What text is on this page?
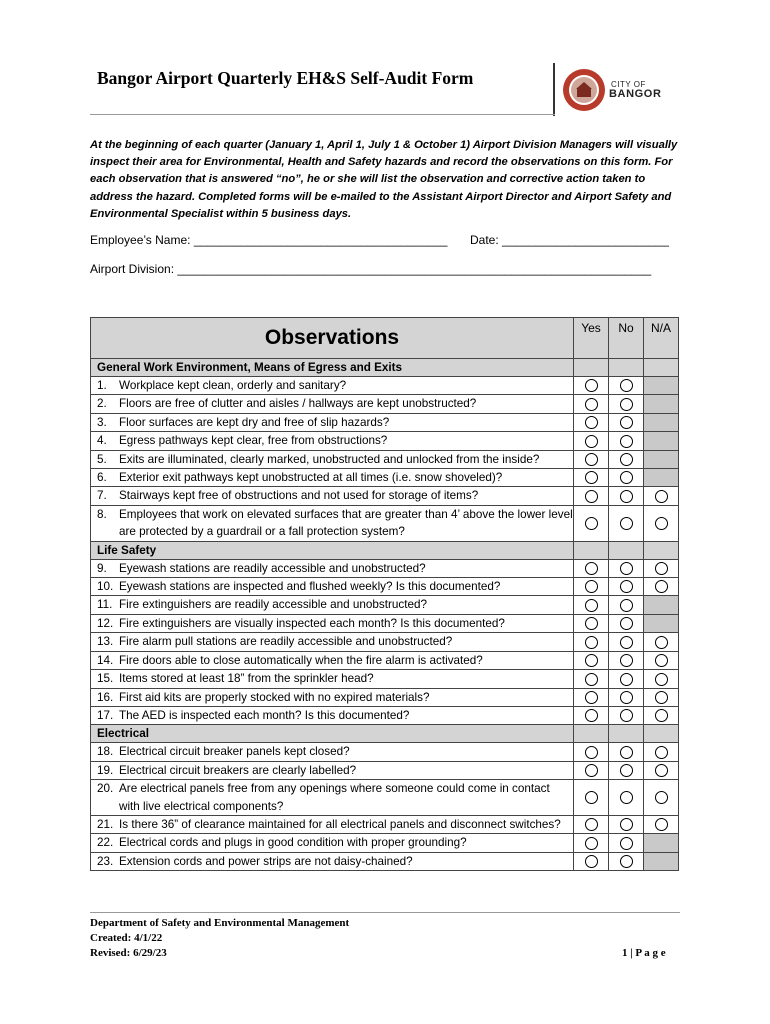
Bangor Airport Quarterly EH&S Self-Audit Form	CITY OF
BANGOR
At the beginning of each quarter (January 1, April 1, July 1 & October 1) Airport Division Managers will visually inspect their area for Environmental, Health and Safety hazards and record the observations on this form. For each observation that is answered “no”, he or she will list the observation and corrective action taken to address the hazard. Completed forms will be e-mailed to the Assistant Airport Director and Airport Safety and Environmental Specialist within 5 business days.
Employee’s Name: ______________________________________ Date: _________________________
Airport Division: _______________________________________________________________________
Observations	Yes	No	N/A
General Work Environment, Means of Egress and Exits			

1. Workplace kept clean, orderly and sanitary?			

2. Floors are free of clutter and aisles / hallways are kept unobstructed?			

3. Floor surfaces are kept dry and free of slip hazards?			

4. Egress pathways kept clear, free from obstructions?			

5. Exits are illuminated, clearly marked, unobstructed and unlocked from the inside?			

6. Exterior exit pathways kept unobstructed at all times (i.e. snow shoveled)?			

7. Stairways kept free of obstructions and not used for storage of items?			

8. Employees that work on elevated surfaces that are greater than 4’ above the lower level are protected by a guardrail or a fall protection system?			

Life Safety			

9. Eyewash stations are readily accessible and unobstructed?			

10. Eyewash stations are inspected and flushed weekly? Is this documented?			

11. Fire extinguishers are readily accessible and unobstructed?			

12. Fire extinguishers are visually inspected each month? Is this documented?			

13. Fire alarm pull stations are readily accessible and unobstructed?			

14. Fire doors able to close automatically when the fire alarm is activated?			

15. Items stored at least 18” from the sprinkler head?			

16. First aid kits are properly stocked with no expired materials?			

17. The AED is inspected each month? Is this documented?			

Electrical			

18. Electrical circuit breaker panels kept closed?			

19. Electrical circuit breakers are clearly labelled?			

20. Are electrical panels free from any openings where someone could come in contact with live electrical components?			

21. Is there 36” of clearance maintained for all electrical panels and disconnect switches?			

22. Electrical cords and plugs in good condition with proper grounding?			

23. Extension cords and power strips are not daisy-chained?			

Department of Safety and Environmental Management
Created: 4/1/22
Revised: 6/29/23	1 | P a g e
